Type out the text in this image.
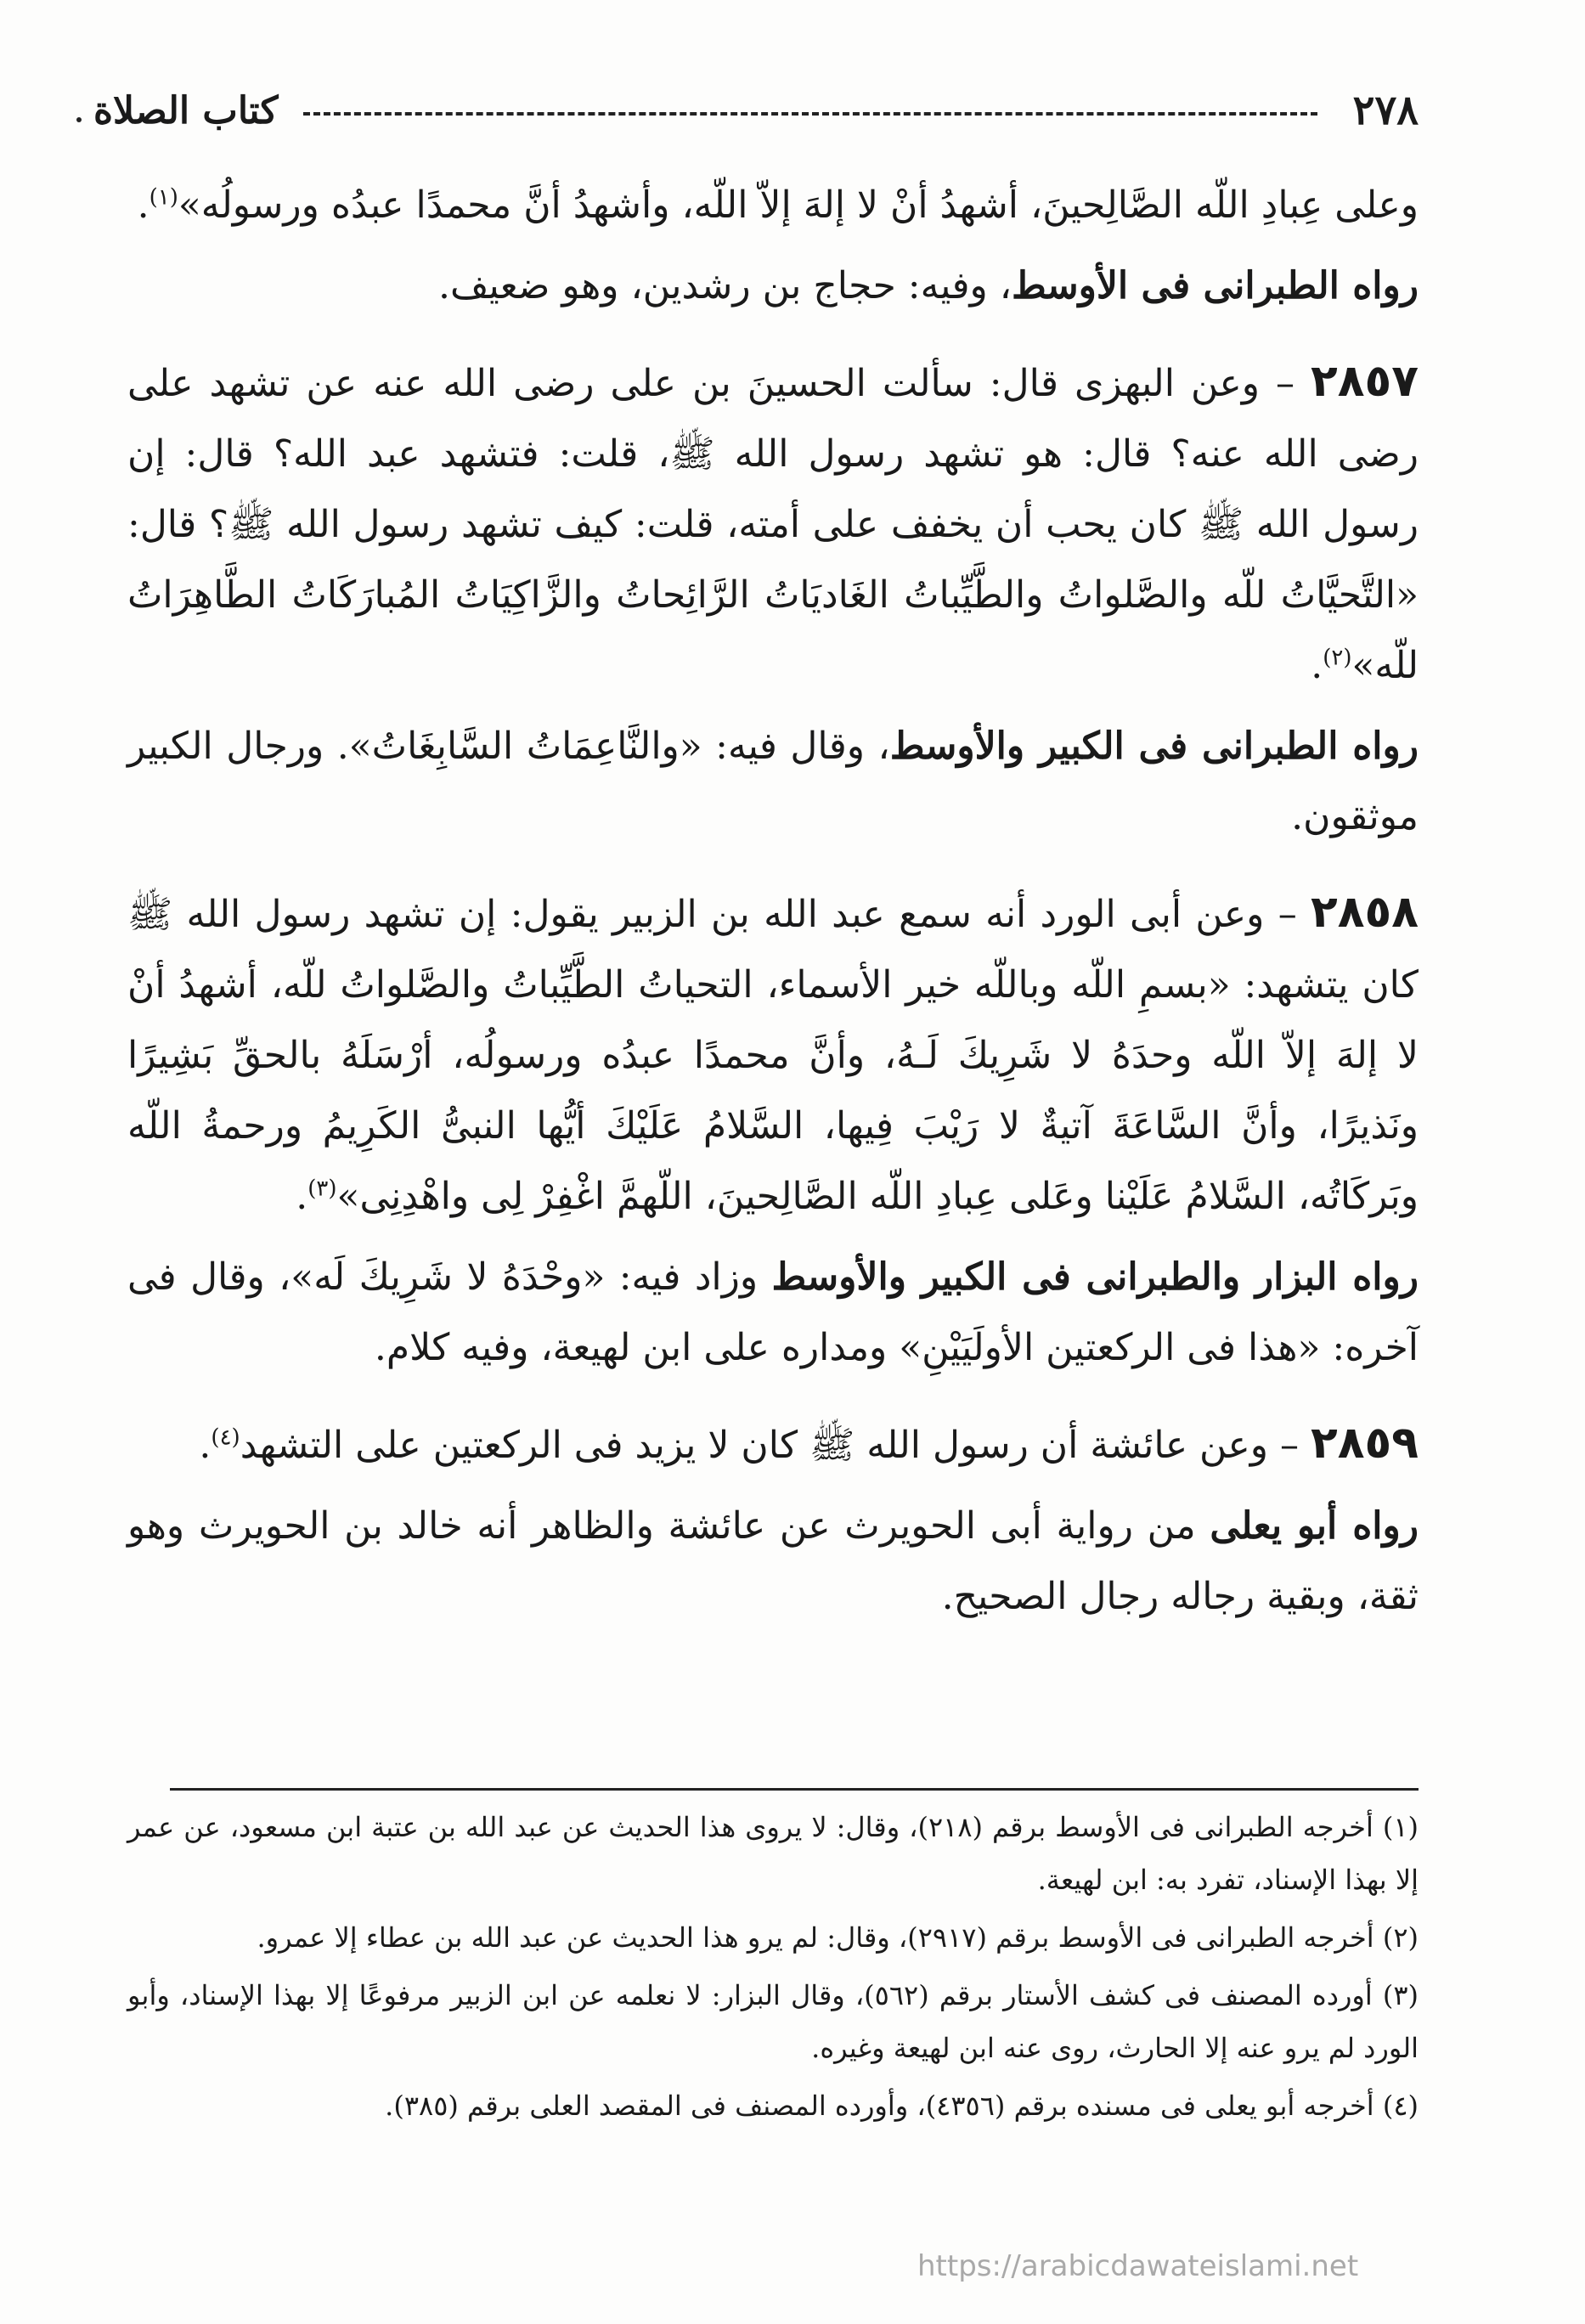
٢٧٨
كتاب الصلاة

وعلى عِبادِ اللّه الصَّالِحينَ، أشهدُ أنْ لا إلهَ إلاّ اللّه، وأشهدُ أنَّ محمدًا عبدُه ورسولُه»$^{(١)}$.

رواه الطبرانى فى الأوسط، وفيه: حجاج بن رشدين، وهو ضعيف.

٢٨٥٧ – وعن البهزى قال: سألت الحسينَ بن على رضى الله عنه عن تشهد على رضى الله عنه؟ قال: هو تشهد رسول الله ﷺ، قلت: فتشهد عبد الله؟ قال: إن رسول الله ﷺ كان يحب أن يخفف على أمته، قلت: كيف تشهد رسول الله ﷺ؟ قال: «التَّحيَّاتُ للّه والصَّلواتُ والطَّيِّباتُ الغَاديَاتُ الرَّائِحاتُ والزَّاكِيَاتُ المُبارَكَاتُ الطَّاهِرَاتُ للّه»$^{(٢)}$.

رواه الطبرانى فى الكبير والأوسط، وقال فيه: «والنَّاعِمَاتُ السَّابِغَاتُ». ورجال الكبير موثقون.

٢٨٥٨ – وعن أبى الورد أنه سمع عبد الله بن الزبير يقول: إن تشهد رسول الله ﷺ كان يتشهد: «بسمِ اللّه وباللّه خير الأسماء، التحياتُ الطَّيِّباتُ والصَّلواتُ للّه، أشهدُ أنْ لا إلهَ إلاّ اللّه وحدَهُ لا شَرِيكَ لَـهُ، وأنَّ محمدًا عبدُه ورسولُه، أرْسَلَهُ بالحقِّ بَشِيرًا ونَذيرًا، وأنَّ السَّاعَةَ آتيةٌ لا رَيْبَ فِيها، السَّلامُ عَلَيْكَ أيُّها النبىُّ الكَرِيمُ ورحمةُ اللّه وبَركَاتُه، السَّلامُ عَلَيْنا وعَلى عِبادِ اللّه الصَّالِحينَ، اللّهمَّ اغْفِرْ لِى واهْدِنِى»$^{(٣)}$.

رواه البزار والطبرانى فى الكبير والأوسط وزاد فيه: «وحْدَهُ لا شَرِيكَ لَه»، وقال فى آخره: «هذا فى الركعتين الأولَيَيْنِ» ومداره على ابن لهيعة، وفيه كلام.

٢٨٥٩ – وعن عائشة أن رسول الله ﷺ كان لا يزيد فى الركعتين على التشهد$^{(٤)}$.

رواه أبو يعلى من رواية أبى الحويرث عن عائشة والظاهر أنه خالد بن الحويرث وهو ثقة، وبقية رجاله رجال الصحيح.

(١) أخرجه الطبرانى فى الأوسط برقم (٢١٨)، وقال: لا يروى هذا الحديث عن عبد الله بن عتبة ابن مسعود، عن عمر إلا بهذا الإسناد، تفرد به: ابن لهيعة.

(٢) أخرجه الطبرانى فى الأوسط برقم (٢٩١٧)، وقال: لم يرو هذا الحديث عن عبد الله بن عطاء إلا عمرو.

(٣) أورده المصنف فى كشف الأستار برقم (٥٦٢)، وقال البزار: لا نعلمه عن ابن الزبير مرفوعًا إلا بهذا الإسناد، وأبو الورد لم يرو عنه إلا الحارث، روى عنه ابن لهيعة وغيره.

(٤) أخرجه أبو يعلى فى مسنده برقم (٤٣٥٦)، وأورده المصنف فى المقصد العلى برقم (٣٨٥).

https://arabicdawateislami.net
